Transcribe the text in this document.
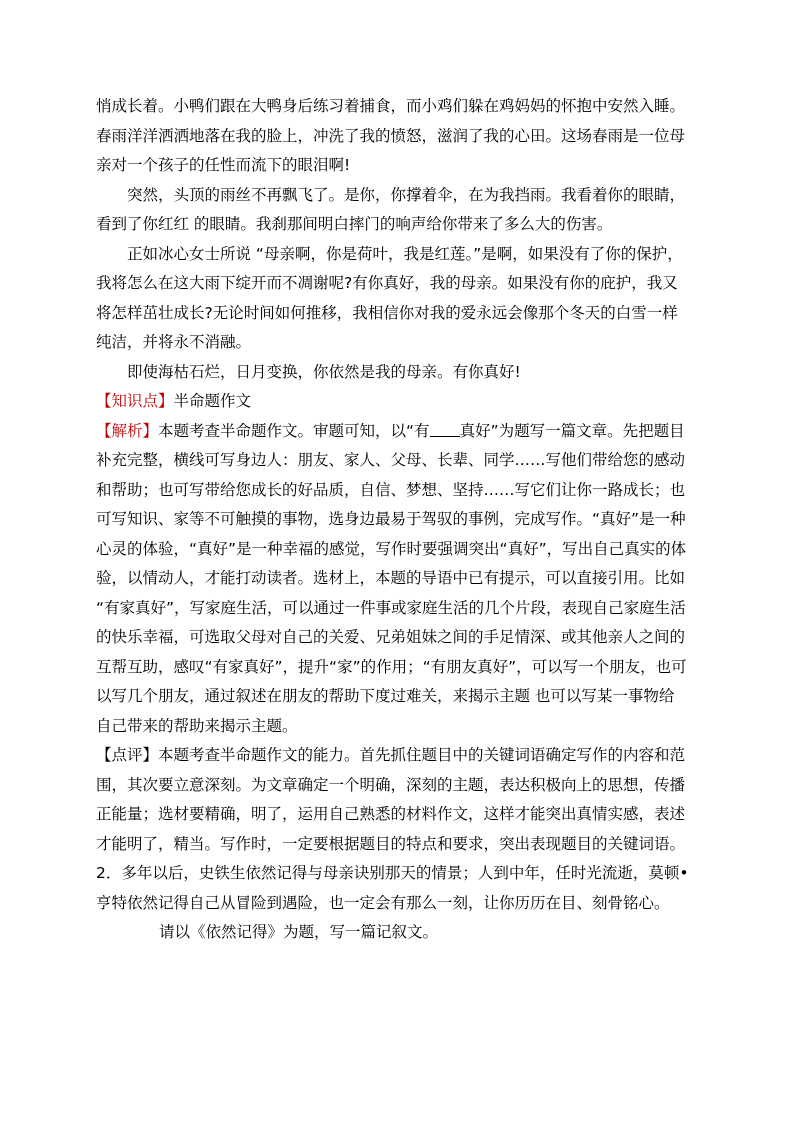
悄成长着。小鸭们跟在大鸭身后练习着捕食，而小鸡们躲在鸡妈妈的怀抱中安然入睡。
春雨洋洋洒洒地落在我的脸上，冲洗了我的愤怒，滋润了我的心田。这场春雨是一位母
亲对一个孩子的任性而流下的眼泪啊!
突然，头顶的雨丝不再飘飞了。是你，你撑着伞，在为我挡雨。我看着你的眼睛，
看到了你红红 的眼睛。我刹那间明白摔门的响声给你带来了多么大的伤害。
正如冰心女士所说 “母亲啊，你是荷叶，我是红莲。”是啊，如果没有了你的保护，
我将怎么在这大雨下绽开而不凋谢呢?有你真好，我的母亲。如果没有你的庇护，我又
将怎样茁壮成长?无论时间如何推移，我相信你对我的爱永远会像那个冬天的白雪一样
纯洁，并将永不消融。
即使海枯石烂，日月变换，你依然是我的母亲。有你真好!
【知识点】半命题作文
【解析】本题考查半命题作文。审题可知，以“有 真好”为题写一篇文章。先把题目
补充完整，横线可写身边人：朋友、家人、父母、长辈、同学……写他们带给您的感动
和帮助；也可写带给您成长的好品质，自信、梦想、坚持……写它们让你一路成长；也
可写知识、家等不可触摸的事物，选身边最易于驾驭的事例，完成写作。“真好”是一种
心灵的体验，“真好”是一种幸福的感觉，写作时要强调突出“真好”，写出自己真实的体
验，以情动人，才能打动读者。选材上，本题的导语中已有提示，可以直接引用。比如
“有家真好”，写家庭生活，可以通过一件事或家庭生活的几个片段，表现自己家庭生活
的快乐幸福，可选取父母对自己的关爱、兄弟姐妹之间的手足情深、或其他亲人之间的
互帮互助，感叹“有家真好”，提升“家”的作用；“有朋友真好”，可以写一个朋友，也可
以写几个朋友，通过叙述在朋友的帮助下度过难关，来揭示主题 也可以写某一事物给
自己带来的帮助来揭示主题。
【点评】本题考查半命题作文的能力。首先抓住题目中的关键词语确定写作的内容和范
围，其次要立意深刻。为文章确定一个明确，深刻的主题，表达积极向上的思想，传播
正能量；选材要精确，明了，运用自己熟悉的材料作文，这样才能突出真情实感，表述
才能明了，精当。写作时，一定要根据题目的特点和要求，突出表现题目的关键词语。
2．多年以后，史铁生依然记得与母亲诀别那天的情景；人到中年，任时光流逝，莫顿•
亨特依然记得自己从冒险到遇险，也一定会有那么一刻，让你历历在目、刻骨铭心。
请以《依然记得》为题，写一篇记叙文。
